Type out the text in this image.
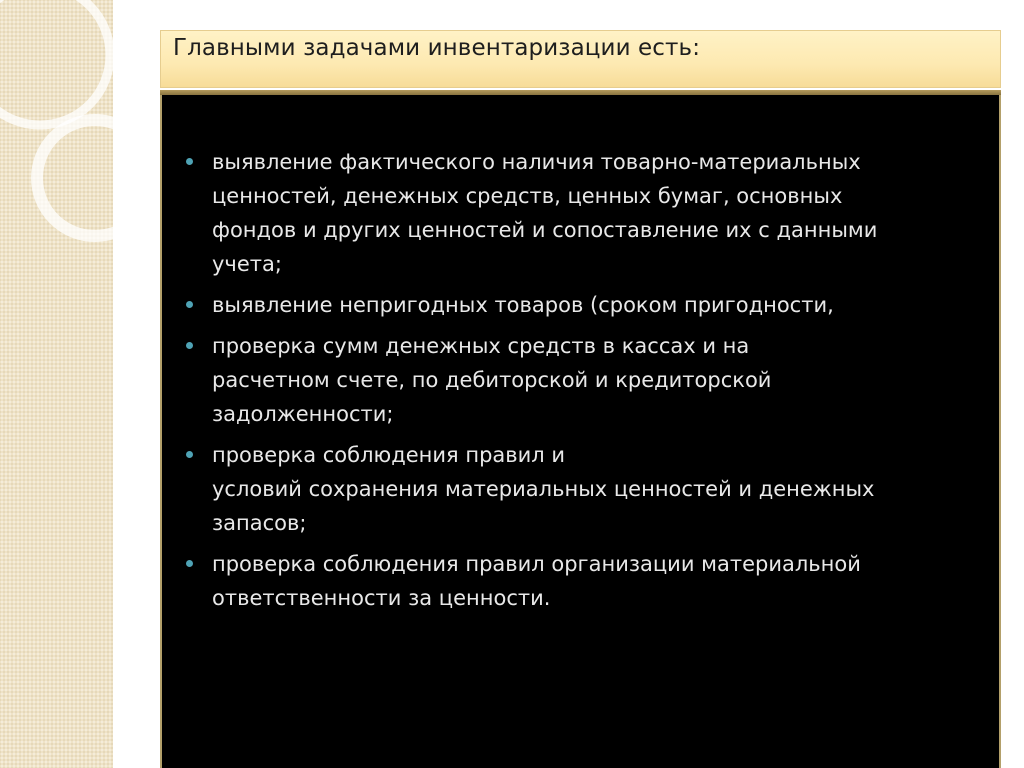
Главными задачами инвентаризации есть:
выявление фактического наличия товарно-материальных
ценностей, денежных средств, ценных бумаг, основных
фондов и других ценностей и сопоставление их с данными
учета;
выявление непригодных товаров (сроком пригодности,
проверка сумм денежных средств в кассах и на
расчетном счете, по дебиторской и кредиторской
задолженности;
проверка соблюдения правил и
условий сохранения материальных ценностей и денежных
запасов;
проверка соблюдения правил организации материальной
ответственности за ценности.
